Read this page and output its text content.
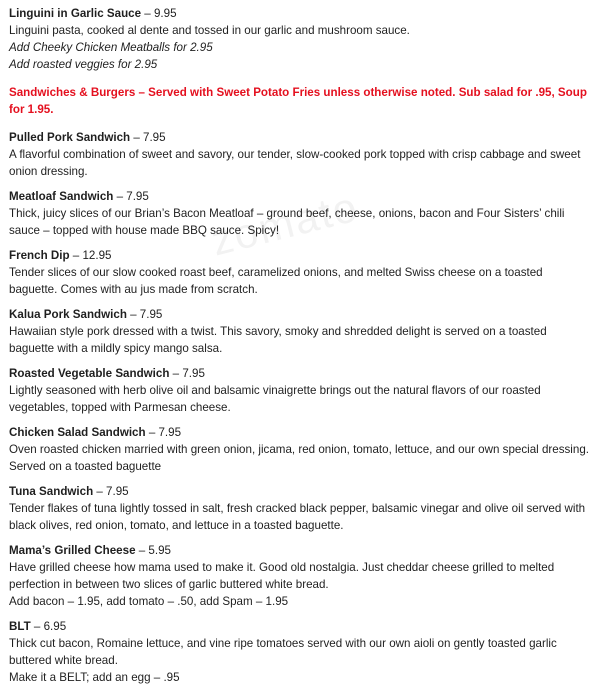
zomato
Linguini in Garlic Sauce – 9.95
Linguini pasta, cooked al dente and tossed in our garlic and mushroom sauce.
Add Cheeky Chicken Meatballs for 2.95
Add roasted veggies for 2.95
Sandwiches & Burgers – Served with Sweet Potato Fries unless otherwise noted. Sub salad for .95, Soup for 1.95.
Pulled Pork Sandwich – 7.95
A flavorful combination of sweet and savory, our tender, slow-cooked pork topped with crisp cabbage and sweet onion dressing.
Meatloaf Sandwich – 7.95
Thick, juicy slices of our Brian’s Bacon Meatloaf – ground beef, cheese, onions, bacon and Four Sisters’ chili sauce – topped with house made BBQ sauce. Spicy!
French Dip – 12.95
Tender slices of our slow cooked roast beef, caramelized onions, and melted Swiss cheese on a toasted baguette. Comes with au jus made from scratch.
Kalua Pork Sandwich – 7.95
Hawaiian style pork dressed with a twist. This savory, smoky and shredded delight is served on a toasted baguette with a mildly spicy mango salsa.
Roasted Vegetable Sandwich – 7.95
Lightly seasoned with herb olive oil and balsamic vinaigrette brings out the natural flavors of our roasted vegetables, topped with Parmesan cheese.
Chicken Salad Sandwich – 7.95
Oven roasted chicken married with green onion, jicama, red onion, tomato, lettuce, and our own special dressing. Served on a toasted baguette
Tuna Sandwich – 7.95
Tender flakes of tuna lightly tossed in salt, fresh cracked black pepper, balsamic vinegar and olive oil served with black olives, red onion, tomato, and lettuce in a toasted baguette.
Mama’s Grilled Cheese – 5.95
Have grilled cheese how mama used to make it. Good old nostalgia. Just cheddar cheese grilled to melted perfection in between two slices of garlic buttered white bread.
Add bacon – 1.95, add tomato – .50, add Spam – 1.95
BLT – 6.95
Thick cut bacon, Romaine lettuce, and vine ripe tomatoes served with our own aioli on gently toasted garlic buttered white bread.
Make it a BELT; add an egg – .95
